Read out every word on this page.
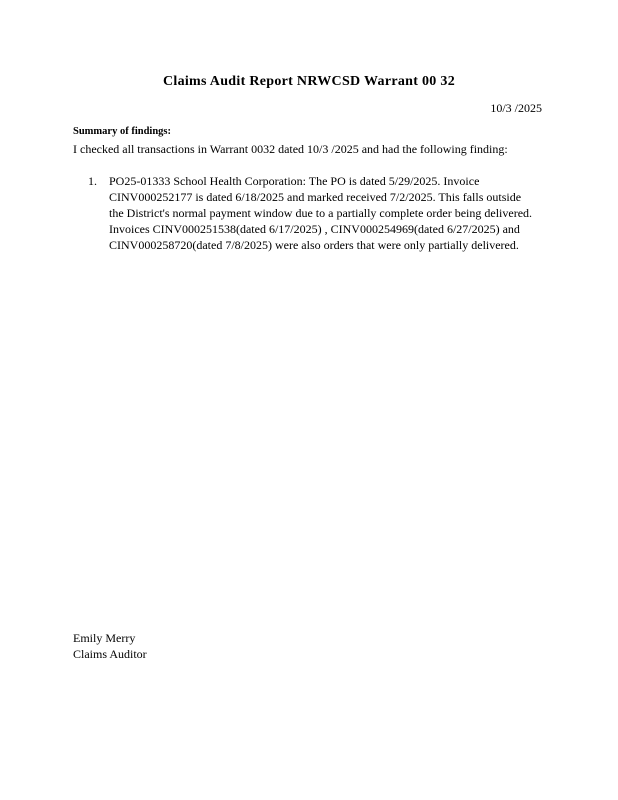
Claims Audit Report NRWCSD Warrant 00 32
10/3 /2025
Summary of findings:
I checked all transactions in Warrant 0032 dated 10/3 /2025 and had the following finding:
1. PO25-01333 School Health Corporation: The PO is dated 5/29/2025. Invoice
CINV000252177 is dated 6/18/2025 and marked received 7/2/2025. This falls outside
the District's normal payment window due to a partially complete order being delivered.
Invoices CINV000251538(dated 6/17/2025) , CINV000254969(dated 6/27/2025) and
CINV000258720(dated 7/8/2025) were also orders that were only partially delivered.
Emily Merry
Claims Auditor
